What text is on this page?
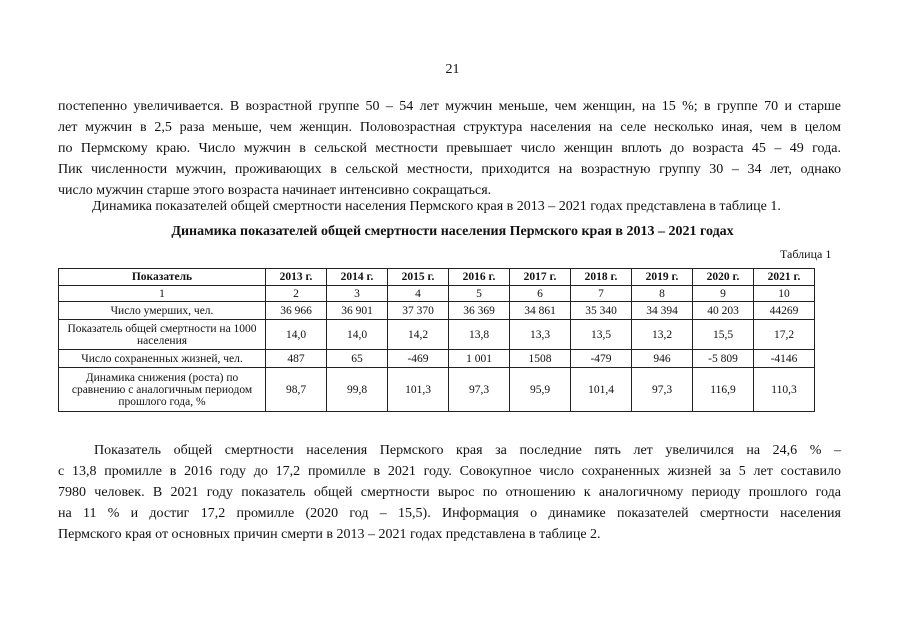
21

постепенно увеличивается. В возрастной группе 50 – 54 лет мужчин меньше, чем женщин, на 15 %; в группе 70 и старше
лет мужчин в 2,5 раза меньше, чем женщин. Половозрастная структура населения на селе несколько иная, чем в целом
по Пермскому краю. Число мужчин в сельской местности превышает число женщин вплоть до возраста 45 – 49 года.
Пик численности мужчин, проживающих в сельской местности, приходится на возрастную группу 30 – 34 лет, однако
число мужчин старше этого возраста начинает интенсивно сокращаться.

Динамика показателей общей смертности населения Пермского края в 2013 – 2021 годах представлена в таблице 1.

Динамика показателей общей смертности населения Пермского края в 2013 – 2021 годах
Таблица 1
Показатель	2013 г.	2014 г.	2015 г.	2016 г.	2017 г.	2018 г.	2019 г.	2020 г.	2021 г.
1	2	3	4	5	6	7	8	9	10
Число умерших, чел.	36 966	36 901	37 370	36 369	34 861	35 340	34 394	40 203	44269
Показатель общей смертности на 1000 населения	14,0	14,0	14,2	13,8	13,3	13,5	13,2	15,5	17,2
Число сохраненных жизней, чел.	487	65	-469	1 001	1508	-479	946	-5 809	-4146
Динамика снижения (роста) по сравнению с аналогичным периодом прошлого года, %	98,7	99,8	101,3	97,3	95,9	101,4	97,3	116,9	110,3

Показатель общей смертности населения Пермского края за последние пять лет увеличился на 24,6 % –
с 13,8 промилле в 2016 году до 17,2 промилле в 2021 году. Совокупное число сохраненных жизней за 5 лет составило
7980 человек. В 2021 году показатель общей смертности вырос по отношению к аналогичному периоду прошлого года
на 11 % и достиг 17,2 промилле (2020 год – 15,5). Информация о динамике показателей смертности населения
Пермского края от основных причин смерти в 2013 – 2021 годах представлена в таблице 2.
